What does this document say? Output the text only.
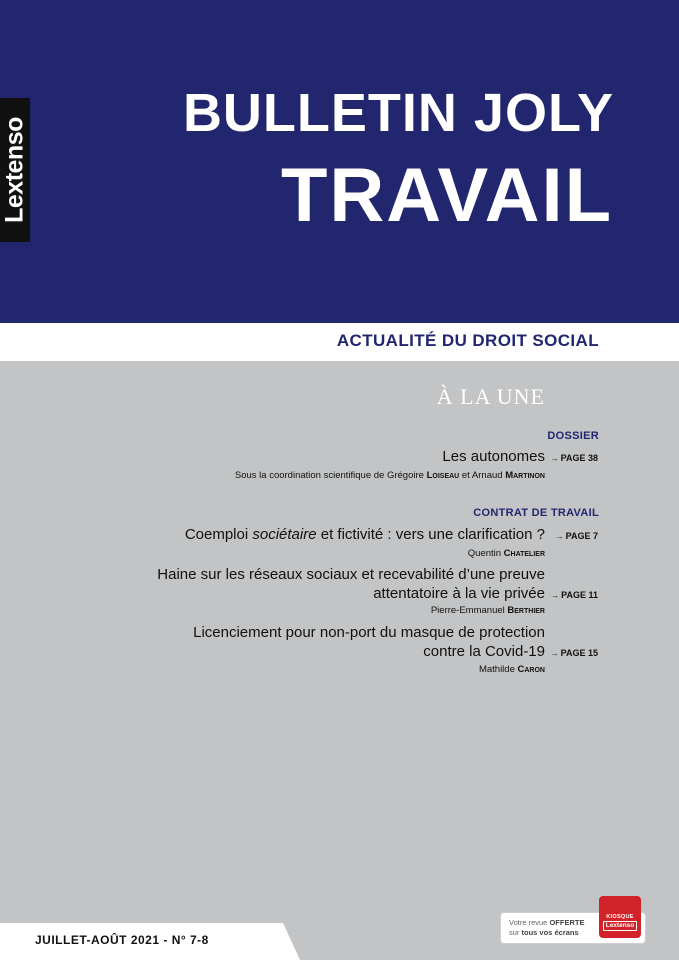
Lextenso
BULLETIN JOLY
TRAVAIL
ACTUALITÉ DU DROIT SOCIAL
À LA UNE
DOSSIER
Les autonomes → PAGE 38
Sous la coordination scientifique de Grégoire Loiseau et Arnaud Martinon
CONTRAT DE TRAVAIL
Coemploi sociétaire et fictivité : vers une clarification ? → PAGE 7
Quentin Chatelier
Haine sur les réseaux sociaux et recevabilité d’une preuve
attentatoire à la vie privée → PAGE 11
Pierre-Emmanuel Berthier
Licenciement pour non-port du masque de protection
contre la Covid-19 → PAGE 15
Mathilde Caron
JUILLET-AOÛT 2021 - N° 7-8
Votre revue OFFERTE
sur tous vos écrans
KIOSQUE
Lextenso
